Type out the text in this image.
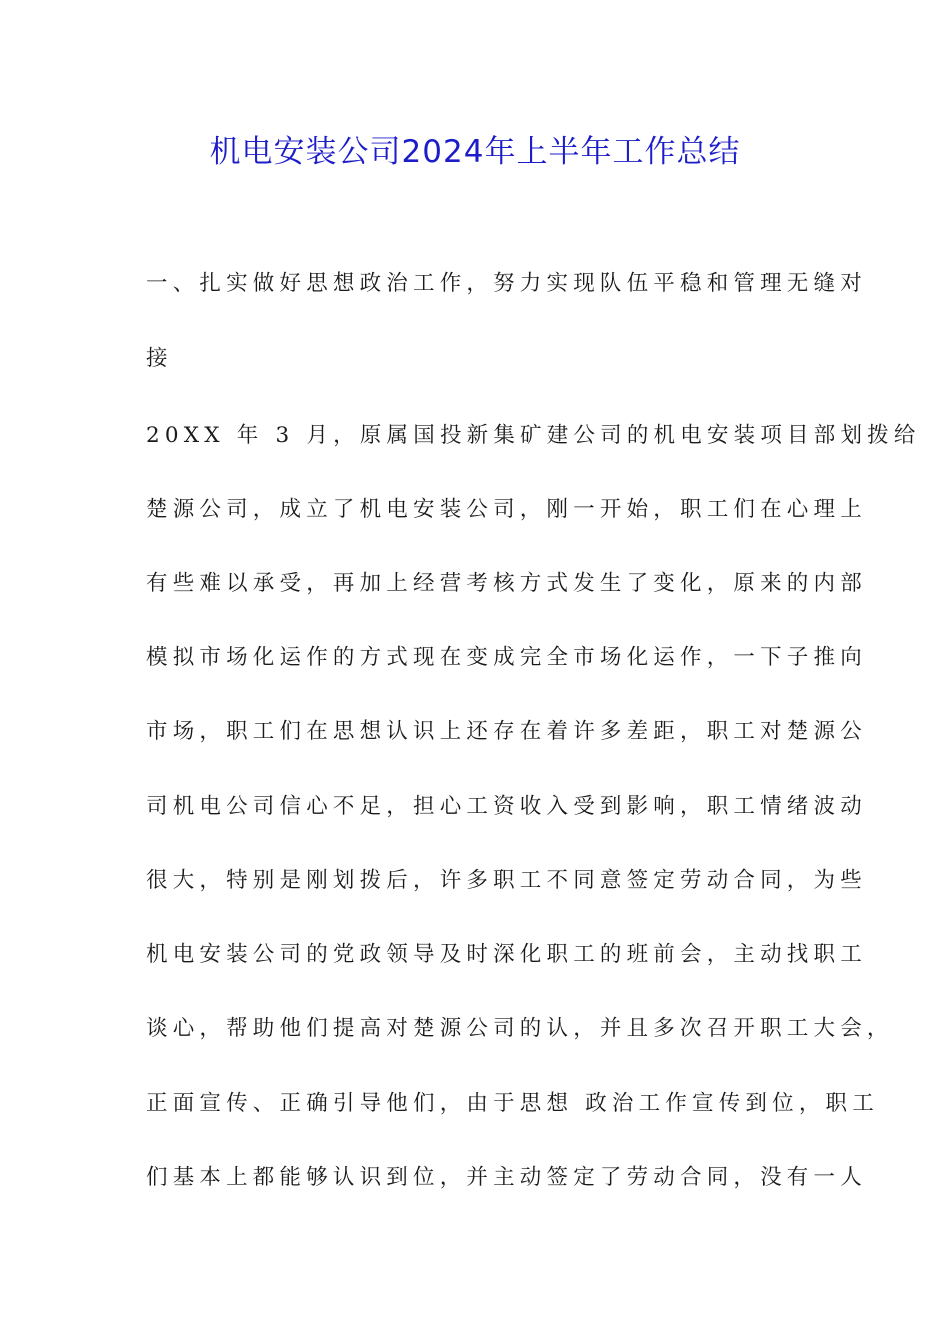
机电安装公司2024年上半年工作总结
一、扎实做好思想政治工作，努力实现队伍平稳和管理无缝对
接
20XX 年 3 月，原属国投新集矿建公司的机电安装项目部划拨给
楚源公司，成立了机电安装公司，刚一开始，职工们在心理上
有些难以承受，再加上经营考核方式发生了变化，原来的内部
模拟市场化运作的方式现在变成完全市场化运作，一下子推向
市场，职工们在思想认识上还存在着许多差距，职工对楚源公
司机电公司信心不足，担心工资收入受到影响，职工情绪波动
很大，特别是刚划拨后，许多职工不同意签定劳动合同，为些
机电安装公司的党政领导及时深化职工的班前会，主动找职工
谈心，帮助他们提高对楚源公司的认，并且多次召开职工大会，
正面宣传、正确引导他们，由于思想 政治工作宣传到位，职工
们基本上都能够认识到位，并主动签定了劳动合同，没有一人
